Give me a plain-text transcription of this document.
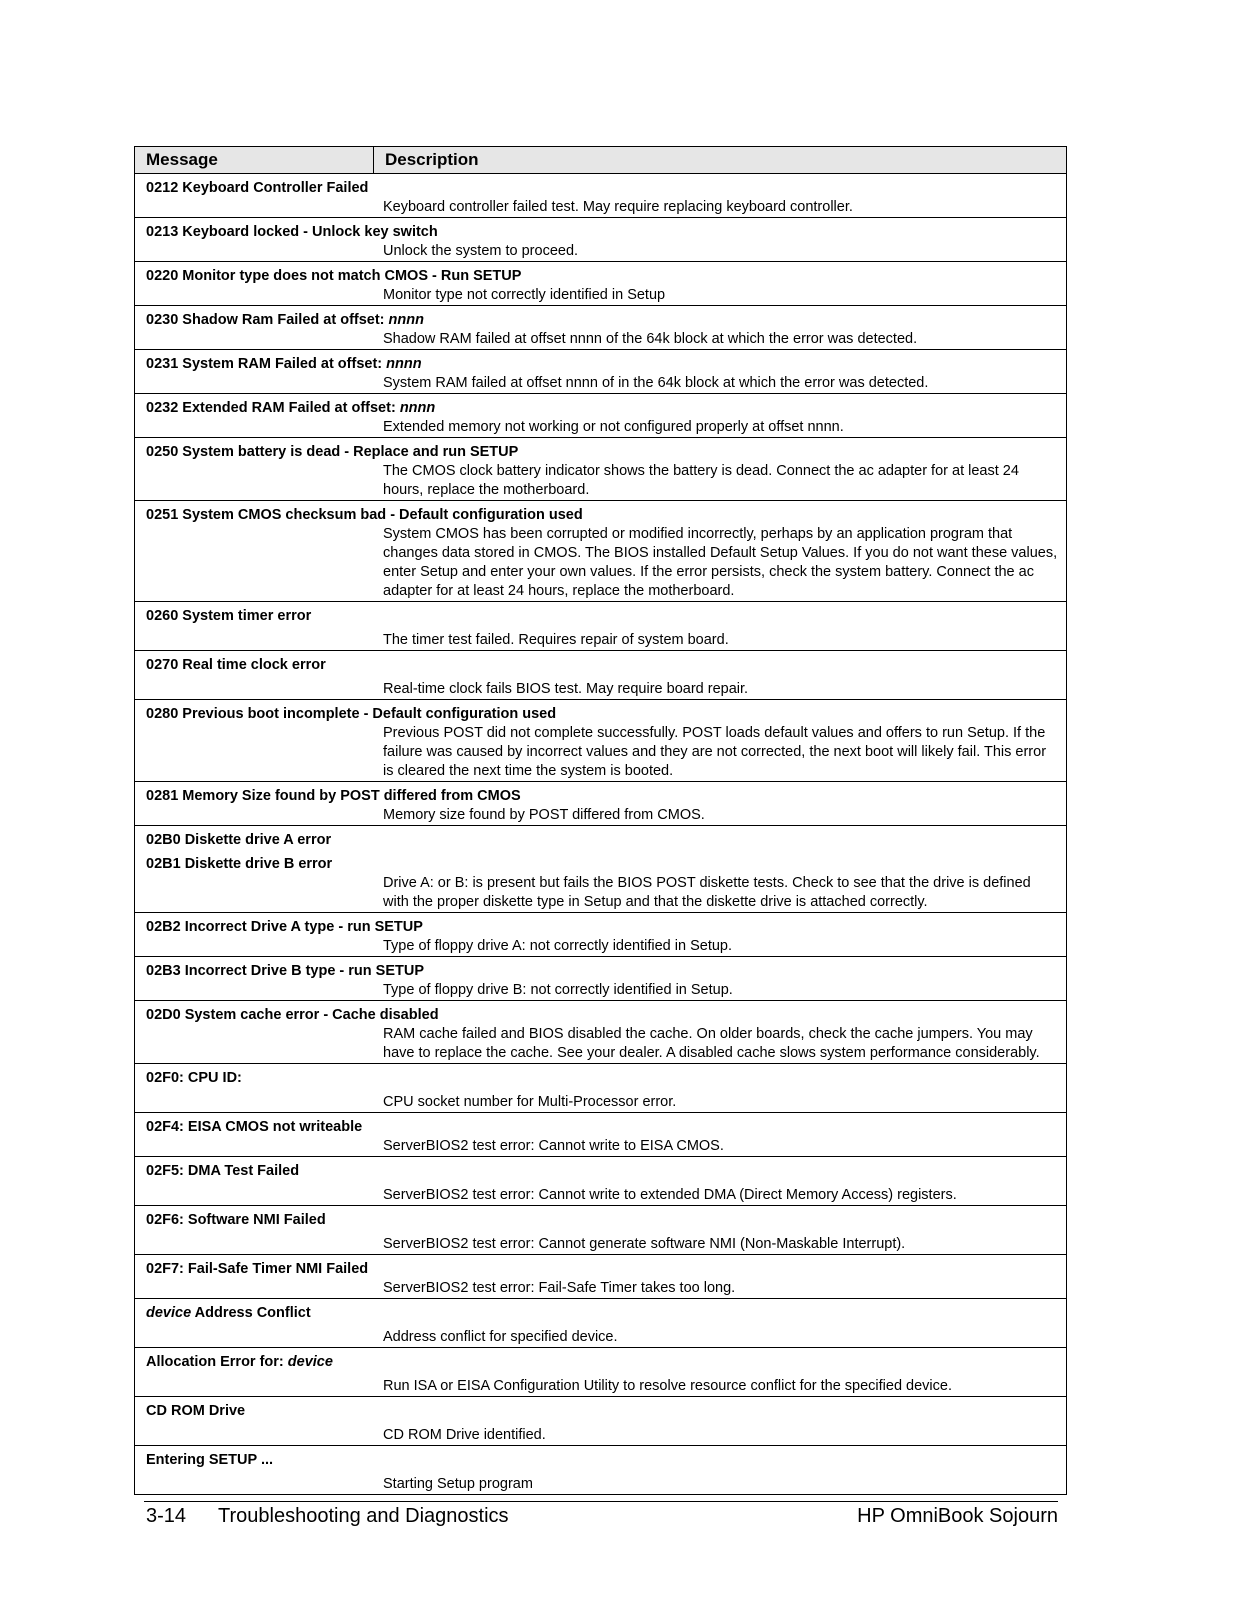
Message	Description
0212 Keyboard Controller Failed
Keyboard controller failed test. May require replacing keyboard controller.
0213 Keyboard locked - Unlock key switch
Unlock the system to proceed.
0220 Monitor type does not match CMOS - Run SETUP
Monitor type not correctly identified in Setup
0230 Shadow Ram Failed at offset: nnnn
Shadow RAM failed at offset nnnn of the 64k block at which the error was detected.
0231 System RAM Failed at offset: nnnn
System RAM failed at offset nnnn of in the 64k block at which the error was detected.
0232 Extended RAM Failed at offset: nnnn
Extended memory not working or not configured properly at offset nnnn.
0250 System battery is dead - Replace and run SETUP
The CMOS clock battery indicator shows the battery is dead. Connect the ac adapter for at least 24 hours, replace the motherboard.
0251 System CMOS checksum bad - Default configuration used
System CMOS has been corrupted or modified incorrectly, perhaps by an application program that changes data stored in CMOS. The BIOS installed Default Setup Values. If you do not want these values, enter Setup and enter your own values. If the error persists, check the system battery. Connect the ac adapter for at least 24 hours, replace the motherboard.
0260 System timer error
The timer test failed. Requires repair of system board.
0270 Real time clock error
Real-time clock fails BIOS test. May require board repair.
0280 Previous boot incomplete - Default configuration used
Previous POST did not complete successfully. POST loads default values and offers to run Setup. If the failure was caused by incorrect values and they are not corrected, the next boot will likely fail. This error is cleared the next time the system is booted.
0281 Memory Size found by POST differed from CMOS
Memory size found by POST differed from CMOS.
02B0 Diskette drive A error
02B1 Diskette drive B error
Drive A: or B: is present but fails the BIOS POST diskette tests. Check to see that the drive is defined with the proper diskette type in Setup and that the diskette drive is attached correctly.
02B2 Incorrect Drive A type - run SETUP
Type of floppy drive A: not correctly identified in Setup.
02B3 Incorrect Drive B type - run SETUP
Type of floppy drive B: not correctly identified in Setup.
02D0 System cache error - Cache disabled
RAM cache failed and BIOS disabled the cache. On older boards, check the cache jumpers. You may have to replace the cache. See your dealer. A disabled cache slows system performance considerably.
02F0: CPU ID:
CPU socket number for Multi-Processor error.
02F4: EISA CMOS not writeable
ServerBIOS2 test error: Cannot write to EISA CMOS.
02F5: DMA Test Failed
ServerBIOS2 test error: Cannot write to extended DMA (Direct Memory Access) registers.
02F6: Software NMI Failed
ServerBIOS2 test error: Cannot generate software NMI (Non-Maskable Interrupt).
02F7: Fail-Safe Timer NMI Failed
ServerBIOS2 test error: Fail-Safe Timer takes too long.
device Address Conflict
Address conflict for specified device.
Allocation Error for: device
Run ISA or EISA Configuration Utility to resolve resource conflict for the specified device.
CD ROM Drive
CD ROM Drive identified.
Entering SETUP ...
Starting Setup program
3-14 Troubleshooting and Diagnostics	HP OmniBook Sojourn
